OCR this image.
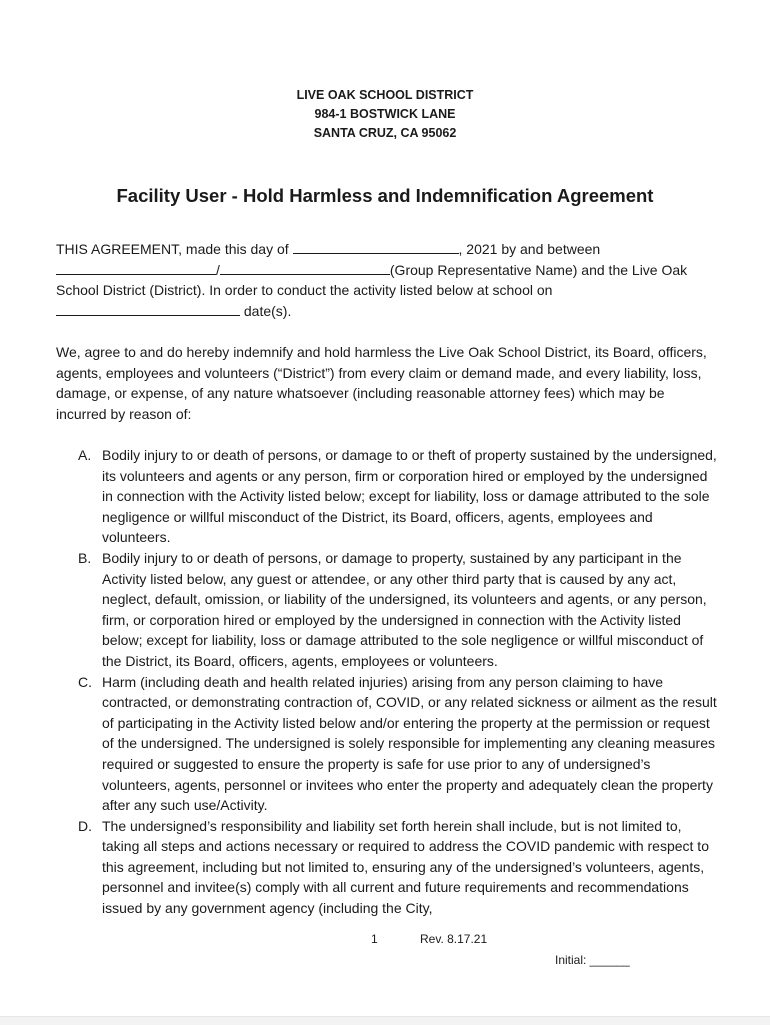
LIVE OAK SCHOOL DISTRICT
984-1 BOSTWICK LANE
SANTA CRUZ, CA 95062
Facility User - Hold Harmless and Indemnification Agreement
THIS AGREEMENT, made this day of	, 2021 by and between
/	(Group Representative Name) and the Live Oak School District (District). In order to conduct the activity listed below at school on
date(s).
We, agree to and do hereby indemnify and hold harmless the Live Oak School District, its Board, officers, agents, employees and volunteers (“District”) from every claim or demand made, and every liability, loss, damage, or expense, of any nature whatsoever (including reasonable attorney fees) which may be incurred by reason of:
A. Bodily injury to or death of persons, or damage to or theft of property sustained by the undersigned, its volunteers and agents or any person, firm or corporation hired or employed by the undersigned in connection with the Activity listed below; except for liability, loss or damage attributed to the sole negligence or willful misconduct of the District, its Board, officers, agents, employees and volunteers.
B. Bodily injury to or death of persons, or damage to property, sustained by any participant in the Activity listed below, any guest or attendee, or any other third party that is caused by any act, neglect, default, omission, or liability of the undersigned, its volunteers and agents, or any person, firm, or corporation hired or employed by the undersigned in connection with the Activity listed below; except for liability, loss or damage attributed to the sole negligence or willful misconduct of the District, its Board, officers, agents, employees or volunteers.
C. Harm (including death and health related injuries) arising from any person claiming to have contracted, or demonstrating contraction of, COVID, or any related sickness or ailment as the result of participating in the Activity listed below and/or entering the property at the permission or request of the undersigned. The undersigned is solely responsible for implementing any cleaning measures required or suggested to ensure the property is safe for use prior to any of undersigned’s volunteers, agents, personnel or invitees who enter the property and adequately clean the property after any such use/Activity.
D. The undersigned’s responsibility and liability set forth herein shall include, but is not limited to, taking all steps and actions necessary or required to address the COVID pandemic with respect to this agreement, including but not limited to, ensuring any of the undersigned’s volunteers, agents, personnel and invitee(s) comply with all current and future requirements and recommendations issued by any government agency (including the City,
1	Rev. 8.17.21
Initial: ______
